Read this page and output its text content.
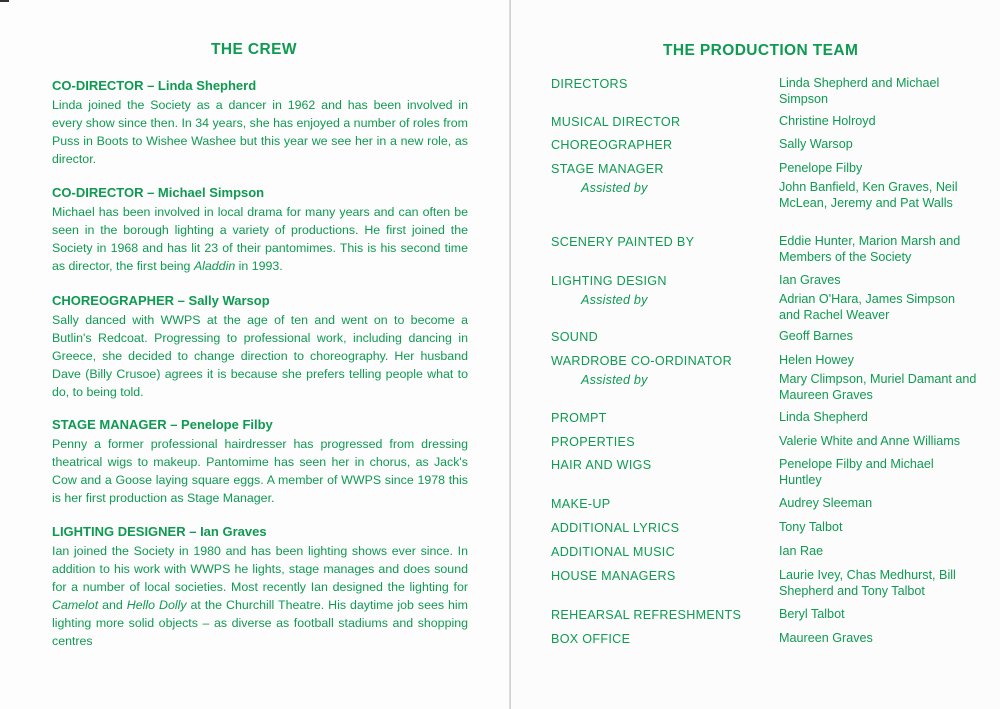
THE CREW
CO-DIRECTOR – Linda Shepherd
Linda joined the Society as a dancer in 1962 and has been involved in every show since then. In 34 years, she has enjoyed a number of roles from Puss in Boots to Wishee Washee but this year we see her in a new role, as director.
CO-DIRECTOR – Michael Simpson
Michael has been involved in local drama for many years and can often be seen in the borough lighting a variety of productions. He first joined the Society in 1968 and has lit 23 of their pantomimes. This is his second time as director, the first being Aladdin in 1993.
CHOREOGRAPHER – Sally Warsop
Sally danced with WWPS at the age of ten and went on to become a Butlin's Redcoat. Progressing to professional work, including dancing in Greece, she decided to change direction to choreography. Her husband Dave (Billy Crusoe) agrees it is because she prefers telling people what to do, to being told.
STAGE MANAGER – Penelope Filby
Penny a former professional hairdresser has progressed from dressing theatrical wigs to makeup. Pantomime has seen her in chorus, as Jack's Cow and a Goose laying square eggs. A member of WWPS since 1978 this is her first production as Stage Manager.
LIGHTING DESIGNER – Ian Graves
Ian joined the Society in 1980 and has been lighting shows ever since. In addition to his work with WWPS he lights, stage manages and does sound for a number of local societies. Most recently Ian designed the lighting for Camelot and Hello Dolly at the Churchill Theatre. His daytime job sees him lighting more solid objects – as diverse as football stadiums and shopping centres
THE PRODUCTION TEAM
DIRECTORS	Linda Shepherd and Michael Simpson
MUSICAL DIRECTOR	Christine Holroyd
CHOREOGRAPHER	Sally Warsop
STAGE MANAGER	Penelope Filby
Assisted by	John Banfield, Ken Graves, Neil McLean, Jeremy and Pat Walls
SCENERY PAINTED BY	Eddie Hunter, Marion Marsh and Members of the Society
LIGHTING DESIGN	Ian Graves
Assisted by	Adrian O'Hara, James Simpson and Rachel Weaver
SOUND	Geoff Barnes
WARDROBE CO-ORDINATOR	Helen Howey
Assisted by	Mary Climpson, Muriel Damant and Maureen Graves
PROMPT	Linda Shepherd
PROPERTIES	Valerie White and Anne Williams
HAIR AND WIGS	Penelope Filby and Michael Huntley
MAKE-UP	Audrey Sleeman
ADDITIONAL LYRICS	Tony Talbot
ADDITIONAL MUSIC	Ian Rae
HOUSE MANAGERS	Laurie Ivey, Chas Medhurst, Bill Shepherd and Tony Talbot
REHEARSAL REFRESHMENTS	Beryl Talbot
BOX OFFICE	Maureen Graves
